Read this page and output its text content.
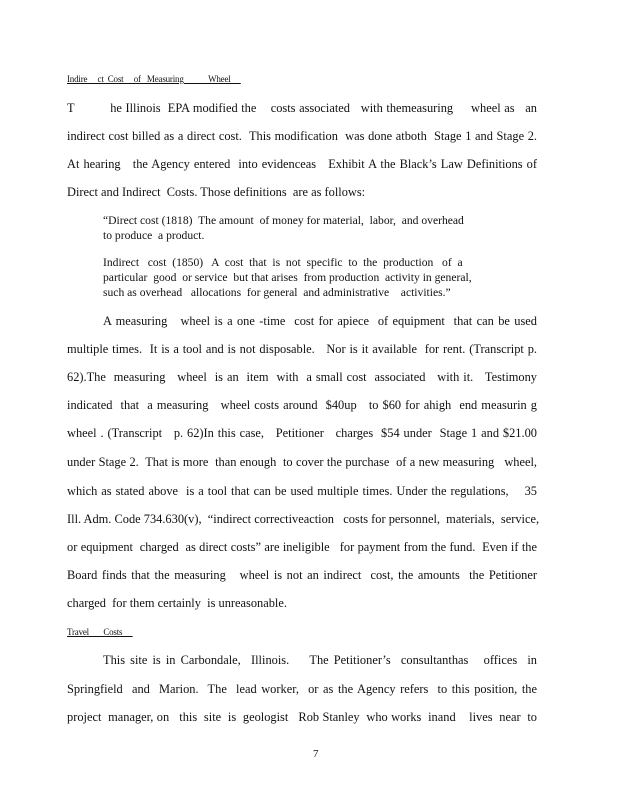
Indire     ct  Cost     of   Measuring            Wheel
T          he Illinois  EPA modified the    costs associated   with themeasuring     wheel as   an
indirect cost billed as a direct cost.  This modification  was done atboth  Stage 1 and Stage 2.
At hearing   the Agency entered  into evidenceas   Exhibit A the Black’s Law Definitions of
Direct and Indirect  Costs. Those definitions  are as follows:
“Direct cost (1818)  The amount  of money for material,  labor,  and overhead
to produce  a product.
Indirect   cost  (1850)   A  cost  that  is  not  specific  to  the  production   of  a
particular  good  or service  but that arises  from production  activity in general,
such as overhead   allocations  for general  and administrative    activities.”
A measuring   wheel is a one -time  cost for apiece  of equipment  that can be used
multiple times.  It is a tool and is not disposable.   Nor is it available  for rent. (Transcript p.
62).The  measuring   wheel  is an  item  with  a small cost  associated   with it.   Testimony
indicated  that  a measuring   wheel costs around  $40up   to $60 for ahigh  end measurin g
wheel . (Transcript   p. 62)In this case,   Petitioner   charges  $54 under  Stage 1 and $21.00
under Stage 2.  That is more  than enough  to cover the purchase  of a new measuring   wheel,
which as stated above  is a tool that can be used multiple times. Under the regulations,    35
Ill. Adm. Code 734.630(v),  “indirect correctiveaction   costs for personnel,  materials,  service,
or equipment  charged  as direct costs” are ineligible   for payment from the fund.  Even if the
Board finds that the measuring   wheel is not an indirect  cost, the amounts  the Petitioner
charged  for them certainly  is unreasonable.
Travel       Costs
This site is in Carbondale,  Illinois.    The Petitioner’s  consultanthas   offices  in
Springfield  and  Marion.  The  lead worker,  or as the Agency refers  to this position, the
project  manager, on   this  site  is  geologist   Rob Stanley  who works  inand    lives  near  to
7
